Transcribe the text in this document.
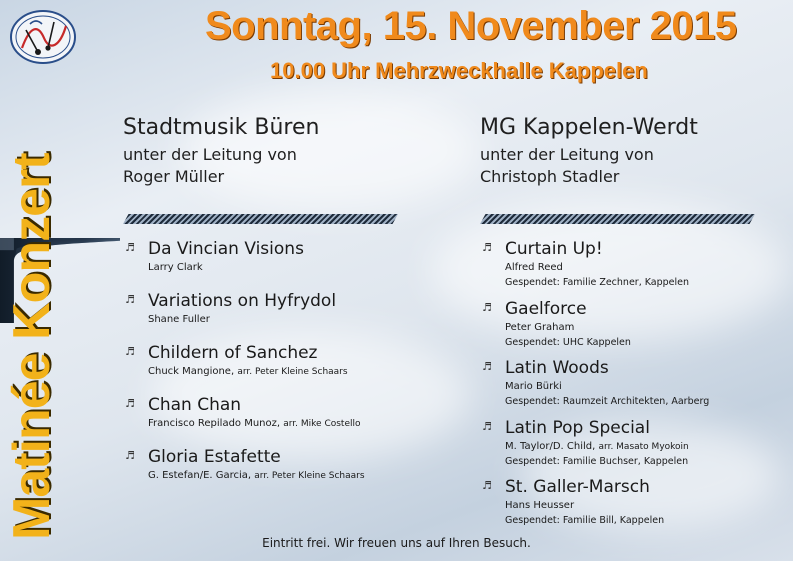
Matinée Konzert
Sonntag, 15. November 2015
10.00 Uhr Mehrzweckhalle Kappelen
Stadtmusik Büren
unter der Leitung von
Roger Müller
♬ Da Vincian Visions
Larry Clark
♬ Variations on Hyfrydol
Shane Fuller
♬ Childern of Sanchez
Chuck Mangione, arr. Peter Kleine Schaars
♬ Chan Chan
Francisco Repilado Munoz, arr. Mike Costello
♬ Gloria Estafette
G. Estefan/E. Garcia, arr. Peter Kleine Schaars
MG Kappelen-Werdt
unter der Leitung von
Christoph Stadler
♬ Curtain Up!
Alfred Reed
Gespendet: Familie Zechner, Kappelen
♬ Gaelforce
Peter Graham
Gespendet: UHC Kappelen
♬ Latin Woods
Mario Bürki
Gespendet: Raumzeit Architekten, Aarberg
♬ Latin Pop Special
M. Taylor/D. Child, arr. Masato Myokoin
Gespendet: Familie Buchser, Kappelen
♬ St. Galler-Marsch
Hans Heusser
Gespendet: Familie Bill, Kappelen
Eintritt frei. Wir freuen uns auf Ihren Besuch.
